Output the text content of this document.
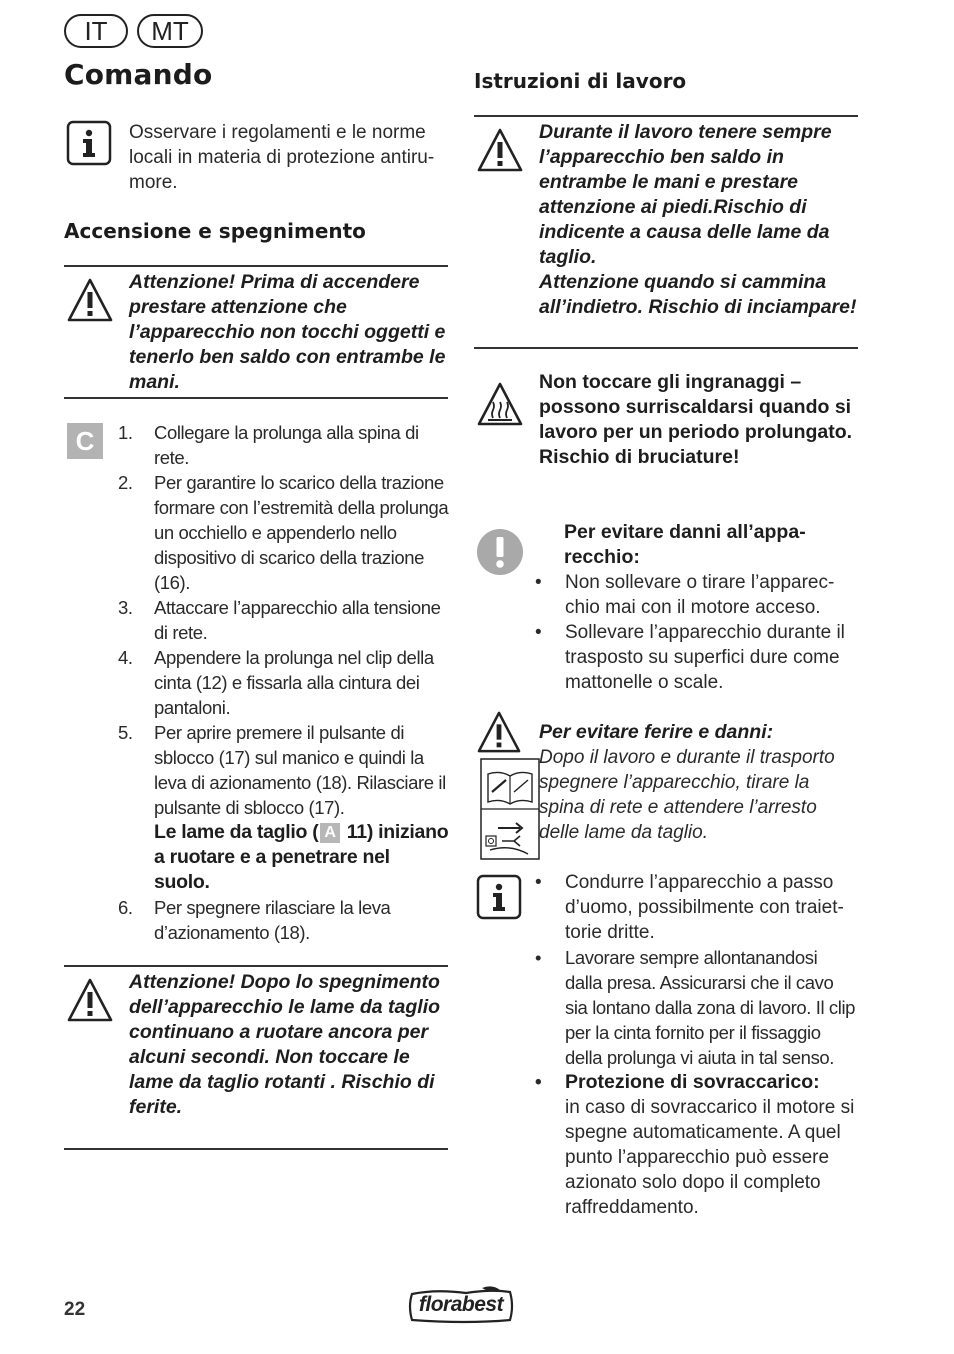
IT	MT
Comando
Osservare i regolamenti e le norme locali in materia di protezione antirumore.
Accensione e spegnimento
Attenzione! Prima di accendere prestare attenzione che l’apparecchio non tocchi oggetti e tenerlo ben saldo con entrambe le mani.
C	1. Collegare la prolunga alla spina di rete.
2. Per garantire lo scarico della trazione formare con l’estremità della prolunga un occhiello e appenderlo nello dispositivo di scarico della trazione (16).
3. Attaccare l’apparecchio alla tensione di rete.
4. Appendere la prolunga nel clip della cinta (12) e fissarla alla cintura dei pantaloni.
5. Per aprire premere il pulsante di sblocco (17) sul manico e quindi la leva di azionamento (18). Rilasciare il pulsante di sblocco (17).
Le lame da taglio ( A 11) iniziano a ruotare e a penetrare nel suolo.
6. Per spegnere rilasciare la leva d’azionamento (18).
Attenzione! Dopo lo spegnimento dell’apparecchio le lame da taglio continuano a ruotare ancora per alcuni secondi. Non toccare le lame da taglio rotanti . Rischio di ferite.
Istruzioni di lavoro
Durante il lavoro tenere sempre l’apparecchio ben saldo in entrambe le mani e prestare attenzione ai piedi.Rischio di indicente a causa delle lame da taglio.
Attenzione quando si cammina all’indietro. Rischio di inciampare!
Non toccare gli ingranaggi – possono surriscaldarsi quando si lavoro per un periodo prolungato. Rischio di bruciature!
Per evitare danni all’apparecchio:
• Non sollevare o tirare l’apparecchio mai con il motore acceso.
• Sollevare l’apparecchio durante il trasposto su superfici dure come mattonelle o scale.
Per evitare ferire e danni:
Dopo il lavoro e durante il trasporto spegnere l’apparecchio, tirare la spina di rete e attendere l’arresto delle lame da taglio.
• Condurre l’apparecchio a passo d’uomo, possibilmente con traiettorie dritte.
• Lavorare sempre allontanandosi dalla presa. Assicurarsi che il cavo sia lontano dalla zona di lavoro. Il clip per la cinta fornito per il fissaggio della prolunga vi aiuta in tal senso.
• Protezione di sovraccarico:
in caso di sovraccarico il motore si spegne automaticamente. A quel punto l’apparecchio può essere azionato solo dopo il completo raffreddamento.
22	florabest
